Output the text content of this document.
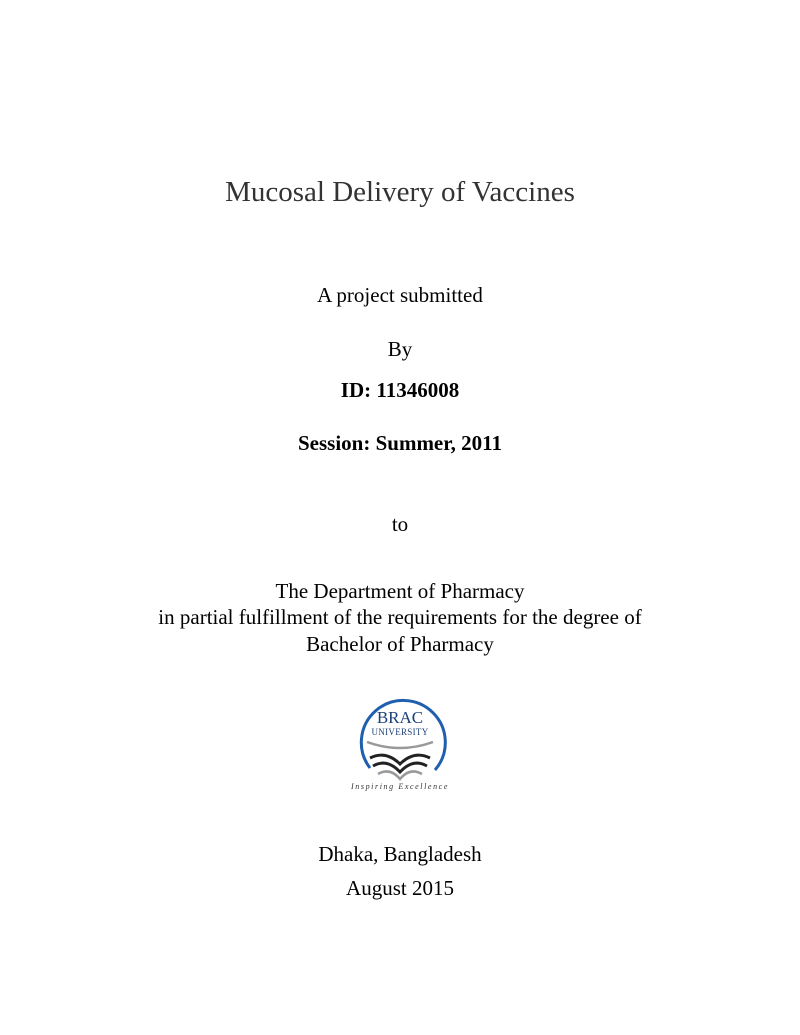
Mucosal Delivery of Vaccines
A project submitted
By
ID: 11346008
Session: Summer, 2011
to
The Department of Pharmacy
in partial fulfillment of the requirements for the degree of
Bachelor of Pharmacy
BRAC
UNIVERSITY
Inspiring Excellence
Dhaka, Bangladesh
August 2015
